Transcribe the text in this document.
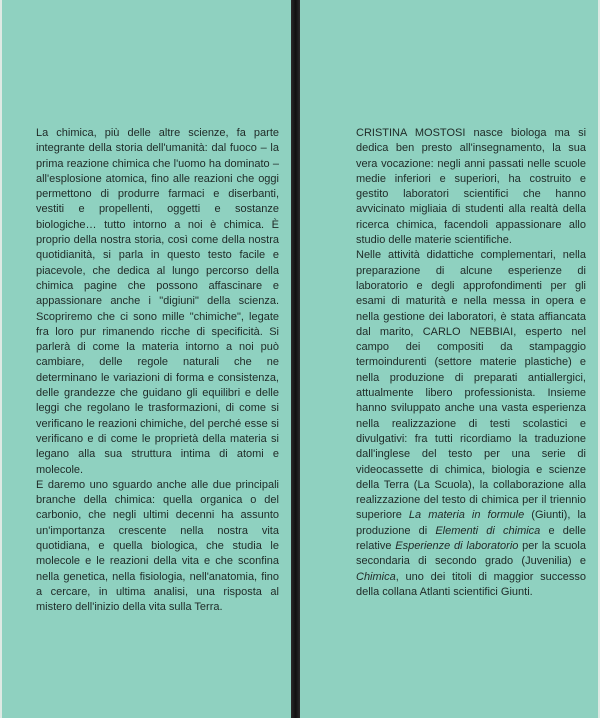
La chimica, più delle altre scienze, fa parte integrante della storia dell'umanità: dal fuoco – la prima reazione chimica che l'uomo ha dominato – all'esplosione atomica, fino alle reazioni che oggi permettono di produrre farmaci e diserbanti, vestiti e propellenti, oggetti e sostanze biologiche… tutto intorno a noi è chimica. È proprio della nostra storia, così come della nostra quotidianità, si parla in questo testo facile e piacevole, che dedica al lungo percorso della chimica pagine che possono affascinare e appassionare anche i "digiuni" della scienza. Scopriremo che ci sono mille "chimiche", legate fra loro pur rimanendo ricche di specificità. Si parlerà di come la materia intorno a noi può cambiare, delle regole naturali che ne determinano le variazioni di forma e consistenza, delle grandezze che guidano gli equilibri e delle leggi che regolano le trasformazioni, di come si verificano le reazioni chimiche, del perché esse si verificano e di come le proprietà della materia si legano alla sua struttura intima di atomi e molecole.

E daremo uno sguardo anche alle due principali branche della chimica: quella organica o del carbonio, che negli ultimi decenni ha assunto un'importanza crescente nella nostra vita quotidiana, e quella biologica, che studia le molecole e le reazioni della vita e che sconfina nella genetica, nella fisiologia, nell'anatomia, fino a cercare, in ultima analisi, una risposta al mistero dell'inizio della vita sulla Terra.

CRISTINA MOSTOSI nasce biologa ma si dedica ben presto all'insegnamento, la sua vera vocazione: negli anni passati nelle scuole medie inferiori e superiori, ha costruito e gestito laboratori scientifici che hanno avvicinato migliaia di studenti alla realtà della ricerca chimica, facendoli appassionare allo studio delle materie scientifiche.

Nelle attività didattiche complementari, nella preparazione di alcune esperienze di laboratorio e degli approfondimenti per gli esami di maturità e nella messa in opera e nella gestione dei laboratori, è stata affiancata dal marito, CARLO NEBBIAI, esperto nel campo dei compositi da stampaggio termoindurenti (settore materie plastiche) e nella produzione di preparati antiallergici, attualmente libero professionista. Insieme hanno sviluppato anche una vasta esperienza nella realizzazione di testi scolastici e divulgativi: fra tutti ricordiamo la traduzione dall'inglese del testo per una serie di videocassette di chimica, biologia e scienze della Terra (La Scuola), la collaborazione alla realizzazione del testo di chimica per il triennio superiore La materia in formule (Giunti), la produzione di Elementi di chimica e delle relative Esperienze di laboratorio per la scuola secondaria di secondo grado (Juvenilia) e Chimica, uno dei titoli di maggior successo della collana Atlanti scientifici Giunti.
